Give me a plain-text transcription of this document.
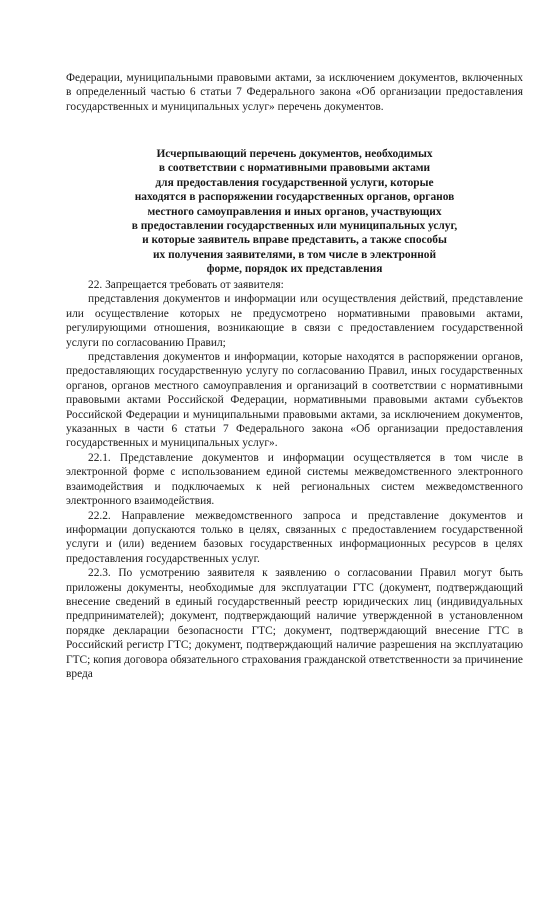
Федерации, муниципальными правовыми актами, за исключением документов, включенных в определенный частью 6 статьи 7 Федерального закона «Об организации предоставления государственных и муниципальных услуг» перечень документов.

Исчерпывающий перечень документов, необходимых
в соответствии с нормативными правовыми актами
для предоставления государственной услуги, которые
находятся в распоряжении государственных органов, органов
местного самоуправления и иных органов, участвующих
в предоставлении государственных или муниципальных услуг,
и которые заявитель вправе представить, а также способы
их получения заявителями, в том числе в электронной
форме, порядок их представления

22. Запрещается требовать от заявителя:

представления документов и информации или осуществления действий, представление или осуществление которых не предусмотрено нормативными правовыми актами, регулирующими отношения, возникающие в связи с предоставлением государственной услуги по согласованию Правил;

представления документов и информации, которые находятся в распоряжении органов, предоставляющих государственную услугу по согласованию Правил, иных государственных органов, органов местного самоуправления и организаций в соответствии с нормативными правовыми актами Российской Федерации, нормативными правовыми актами субъектов Российской Федерации и муниципальными правовыми актами, за исключением документов, указанных в части 6 статьи 7 Федерального закона «Об организации предоставления государственных и муниципальных услуг».

22.1. Представление документов и информации осуществляется в том числе в электронной форме с использованием единой системы межведомственного электронного взаимодействия и подключаемых к ней региональных систем межведомственного электронного взаимодействия.

22.2. Направление межведомственного запроса и представление документов и информации допускаются только в целях, связанных с предоставлением государственной услуги и (или) ведением базовых государственных информационных ресурсов в целях предоставления государственных услуг.

22.3. По усмотрению заявителя к заявлению о согласовании Правил могут быть приложены документы, необходимые для эксплуатации ГТС (документ, подтверждающий внесение сведений в единый государственный реестр юридических лиц (индивидуальных предпринимателей); документ, подтверждающий наличие утвержденной в установленном порядке декларации безопасности ГТС; документ, подтверждающий внесение ГТС в Российский регистр ГТС; документ, подтверждающий наличие разрешения на эксплуатацию ГТС; копия договора обязательного страхования гражданской ответственности за причинение вреда
